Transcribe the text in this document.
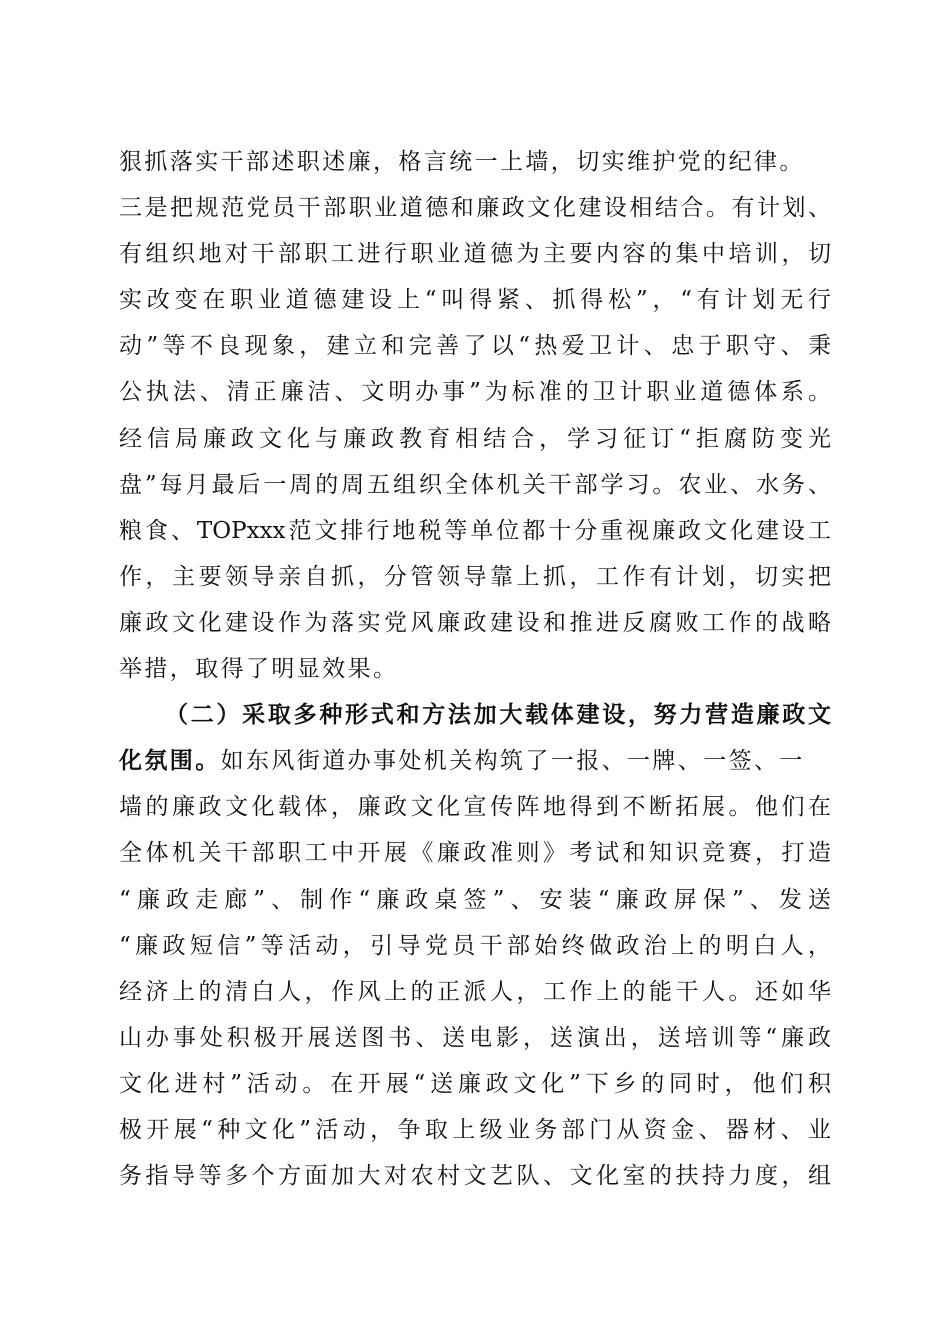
狠抓落实干部述职述廉，格言统一上墙，切实维护党的纪律。
三是把规范党员干部职业道德和廉政文化建设相结合。有计划、
有组织地对干部职工进行职业道德为主要内容的集中培训，切
实改变在职业道德建设上“叫得紧、抓得松”，“有计划无行
动”等不良现象，建立和完善了以“热爱卫计、忠于职守、秉
公执法、清正廉洁、文明办事”为标准的卫计职业道德体系。
经信局廉政文化与廉政教育相结合，学习征订“拒腐防变光
盘”每月最后一周的周五组织全体机关干部学习。农业、水务、
粮食、TOPxxx范文排行地税等单位都十分重视廉政文化建设工
作，主要领导亲自抓，分管领导靠上抓，工作有计划，切实把
廉政文化建设作为落实党风廉政建设和推进反腐败工作的战略
举措，取得了明显效果。
（二）采取多种形式和方法加大载体建设，努力营造廉政文
化氛围。如东风街道办事处机关构筑了一报、一牌、一签、一
墙的廉政文化载体，廉政文化宣传阵地得到不断拓展。他们在
全体机关干部职工中开展《廉政准则》考试和知识竞赛，打造
“廉政走廊”、制作“廉政桌签”、安装“廉政屏保”、发送
“廉政短信”等活动，引导党员干部始终做政治上的明白人，
经济上的清白人，作风上的正派人，工作上的能干人。还如华
山办事处积极开展送图书、送电影，送演出，送培训等“廉政
文化进村”活动。在开展“送廉政文化”下乡的同时，他们积
极开展“种文化”活动，争取上级业务部门从资金、器材、业
务指导等多个方面加大对农村文艺队、文化室的扶持力度，组
